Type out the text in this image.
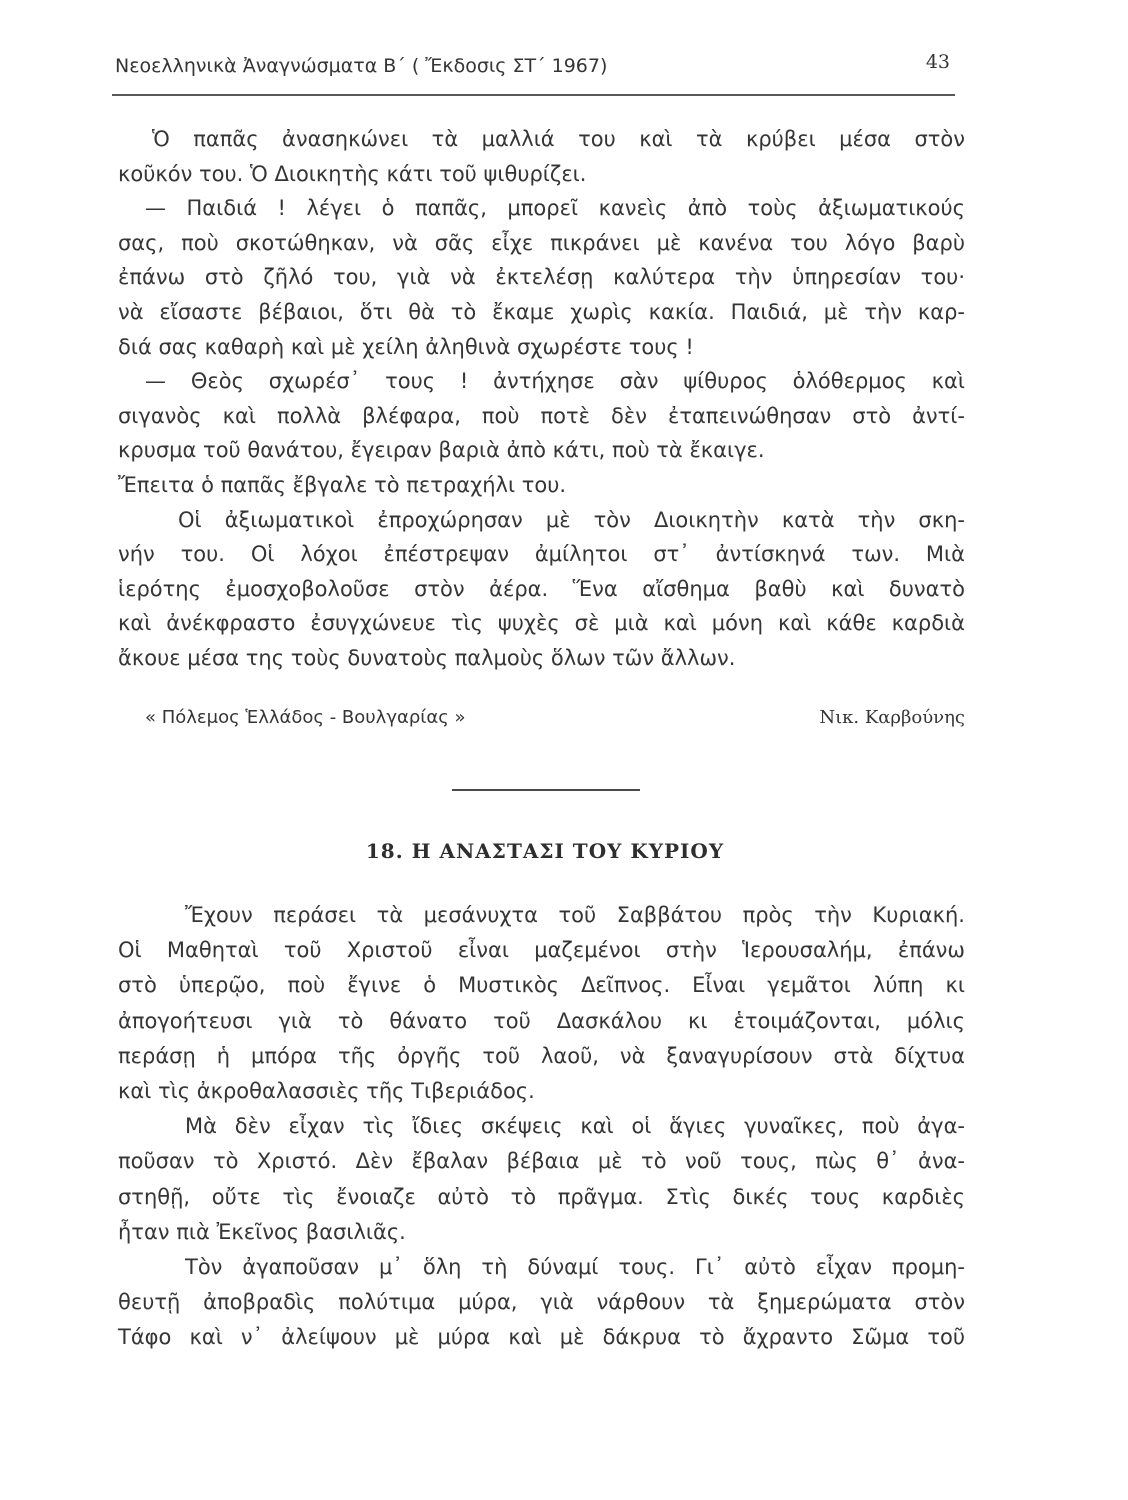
Νεοελληνικὰ Ἀναγνώσματα Β΄ ( Ἔκδοσις ΣΤ΄ 1967)	43
Ὁ παπᾶς ἀνασηκώνει τὰ μαλλιά του καὶ τὰ κρύβει μέσα στὸν
κοῦκόν του. Ὁ Διοικητὴς κάτι τοῦ ψιθυρίζει.
— Παιδιά ! λέγει ὁ παπᾶς, μπορεῖ κανεὶς ἀπὸ τοὺς ἀξιωματικούς
σας, ποὺ σκοτώθηκαν, νὰ σᾶς εἶχε πικράνει μὲ κανένα του λόγο βαρὺ
ἐπάνω στὸ ζῆλό του, γιὰ νὰ ἐκτελέσῃ καλύτερα τὴν ὑπηρεσίαν του·
νὰ εἴσαστε βέβαιοι, ὅτι θὰ τὸ ἔκαμε χωρὶς κακία. Παιδιά, μὲ τὴν καρ-
διά σας καθαρὴ καὶ μὲ χείλη ἀληθινὰ σχωρέστε τους !
— Θεὸς σχωρέσ᾽ τους ! ἀντήχησε σὰν ψίθυρος ὁλόθερμος καὶ
σιγανὸς καὶ πολλὰ βλέφαρα, ποὺ ποτὲ δὲν ἐταπεινώθησαν στὸ ἀντί-
κρυσμα τοῦ θανάτου, ἔγειραν βαριὰ ἀπὸ κάτι, ποὺ τὰ ἔκαιγε.
Ἔπειτα ὁ παπᾶς ἔβγαλε τὸ πετραχήλι του.
Οἱ ἀξιωματικοὶ ἐπροχώρησαν μὲ τὸν Διοικητὴν κατὰ τὴν σκη-
νήν του. Οἱ λόχοι ἐπέστρεψαν ἀμίλητοι στ᾽ ἀντίσκηνά των. Μιὰ
ἱερότης ἐμοσχοβολοῦσε στὸν ἀέρα. Ἕνα αἴσθημα βαθὺ καὶ δυνατὸ
καὶ ἀνέκφραστο ἐσυγχώνευε τὶς ψυχὲς σὲ μιὰ καὶ μόνη καὶ κάθε καρδιὰ
ἄκουε μέσα της τοὺς δυνατοὺς παλμοὺς ὅλων τῶν ἄλλων.
« Πόλεμος Ἑλλάδος - Βουλγαρίας »	Νικ. Καρβούνης
18. Η ΑΝΑΣΤΑΣΙ ΤΟΥ ΚΥΡΙΟΥ
Ἔχουν περάσει τὰ μεσάνυχτα τοῦ Σαββάτου πρὸς τὴν Κυριακή.
Οἱ Μαθηταὶ τοῦ Χριστοῦ εἶναι μαζεμένοι στὴν Ἱερουσαλήμ, ἐπάνω
στὸ ὑπερῷο, ποὺ ἔγινε ὁ Μυστικὸς Δεῖπνος. Εἶναι γεμᾶτοι λύπη κι
ἀπογοήτευσι γιὰ τὸ θάνατο τοῦ Δασκάλου κι ἑτοιμάζονται, μόλις
περάσῃ ἡ μπόρα τῆς ὀργῆς τοῦ λαοῦ, νὰ ξαναγυρίσουν στὰ δίχτυα
καὶ τὶς ἀκροθαλασσιὲς τῆς Τιβεριάδος.
Μὰ δὲν εἶχαν τὶς ἴδιες σκέψεις καὶ οἱ ἅγιες γυναῖκες, ποὺ ἀγα-
ποῦσαν τὸ Χριστό. Δὲν ἔβαλαν βέβαια μὲ τὸ νοῦ τους, πὼς θ᾽ ἀνα-
στηθῇ, οὔτε τὶς ἔνοιαζε αὐτὸ τὸ πρᾶγμα. Στὶς δικές τους καρδιὲς
ἦταν πιὰ Ἐκεῖνος βασιλιᾶς.
Τὸν ἀγαποῦσαν μ᾽ ὅλη τὴ δύναμί τους. Γι᾽ αὐτὸ εἶχαν προμη-
θευτῇ ἀποβραδὶς πολύτιμα μύρα, γιὰ νάρθουν τὰ ξημερώματα στὸν
Τάφο καὶ ν᾽ ἀλείψουν μὲ μύρα καὶ μὲ δάκρυα τὸ ἄχραντο Σῶμα τοῦ
